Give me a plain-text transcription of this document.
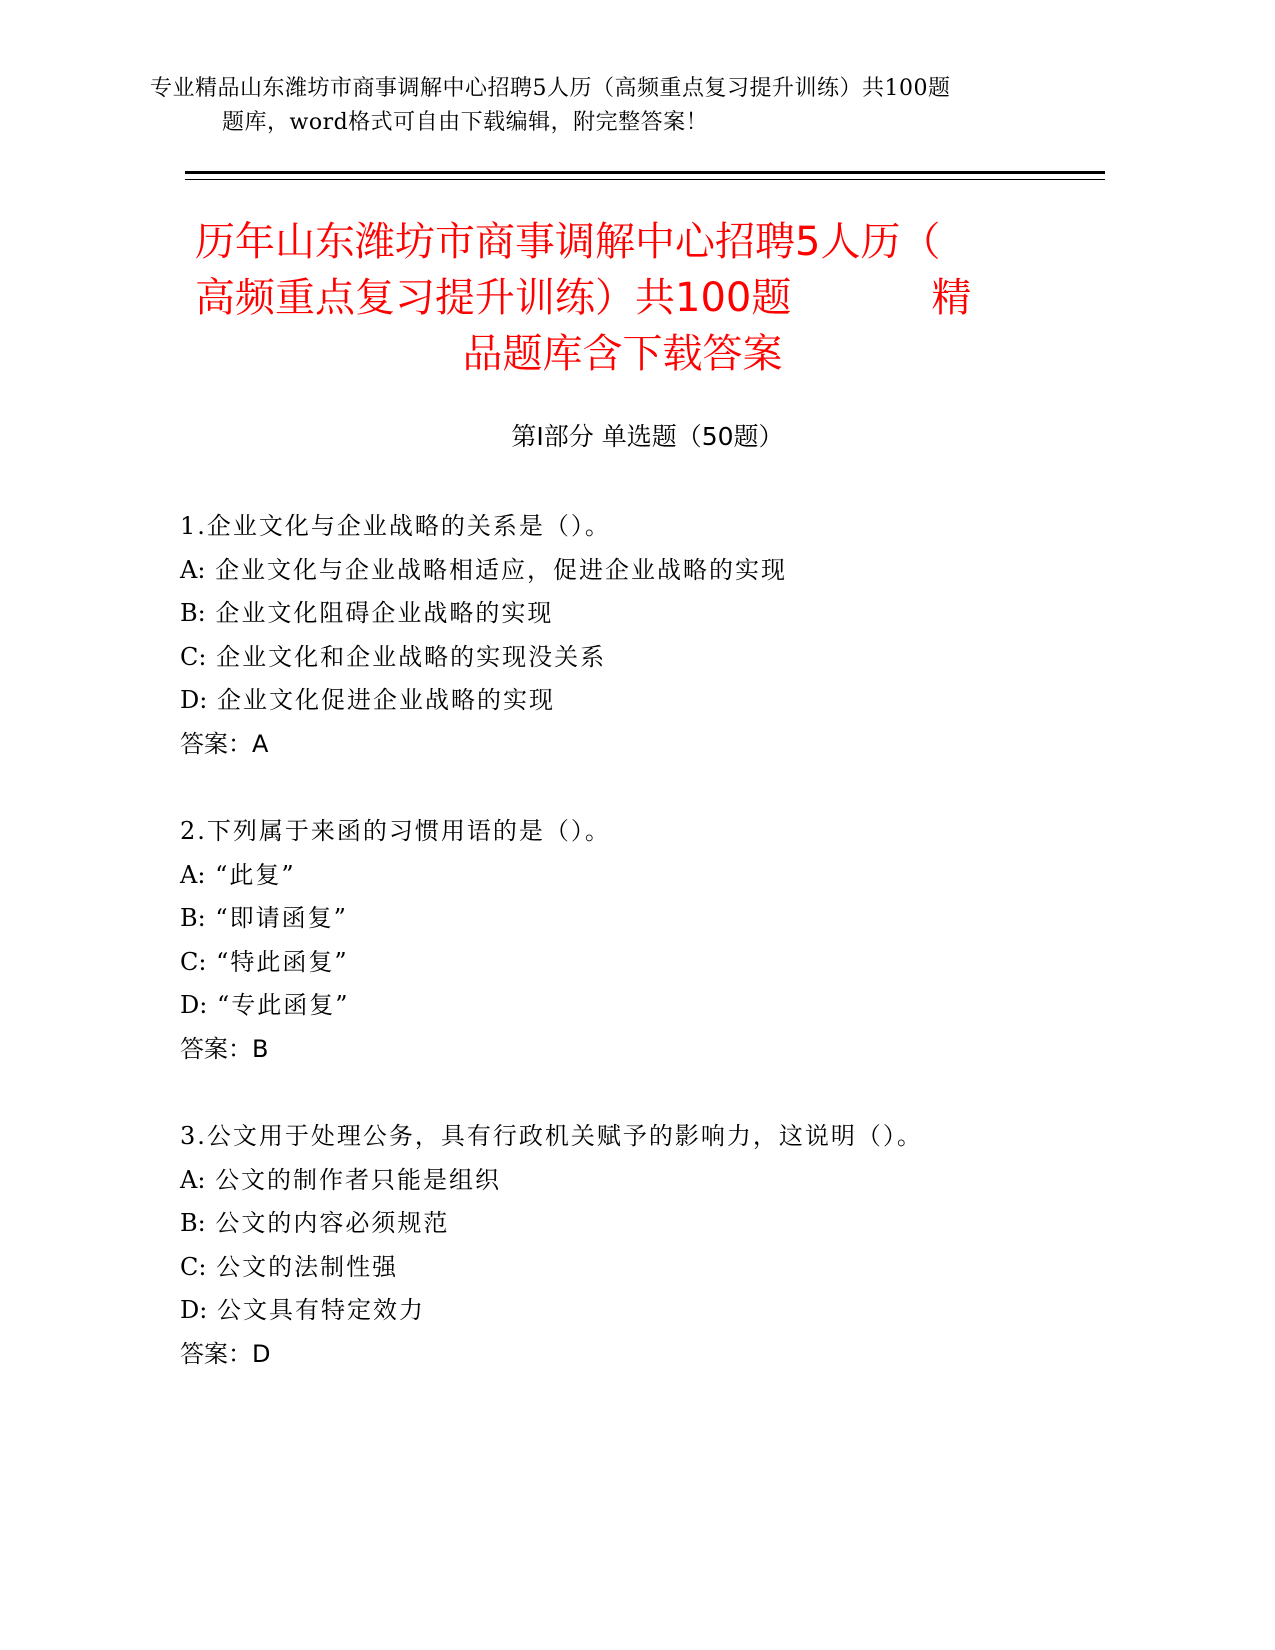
专业精品山东潍坊市商事调解中心招聘5人历（高频重点复习提升训练）共100题
题库，word格式可自由下载编辑，附完整答案！
历年山东潍坊市商事调解中心招聘5人历（
高频重点复习提升训练）共100题	精
品题库含下载答案
第Ⅰ部分 单选题（50题）
1.企业文化与企业战略的关系是（）。
A: 企业文化与企业战略相适应，促进企业战略的实现
B: 企业文化阻碍企业战略的实现
C: 企业文化和企业战略的实现没关系
D: 企业文化促进企业战略的实现
答案：A
2.下列属于来函的习惯用语的是（）。
A: “此复”
B: “即请函复”
C: “特此函复”
D: “专此函复”
答案：B
3.公文用于处理公务，具有行政机关赋予的影响力，这说明（）。
A: 公文的制作者只能是组织
B: 公文的内容必须规范
C: 公文的法制性强
D: 公文具有特定效力
答案：D
